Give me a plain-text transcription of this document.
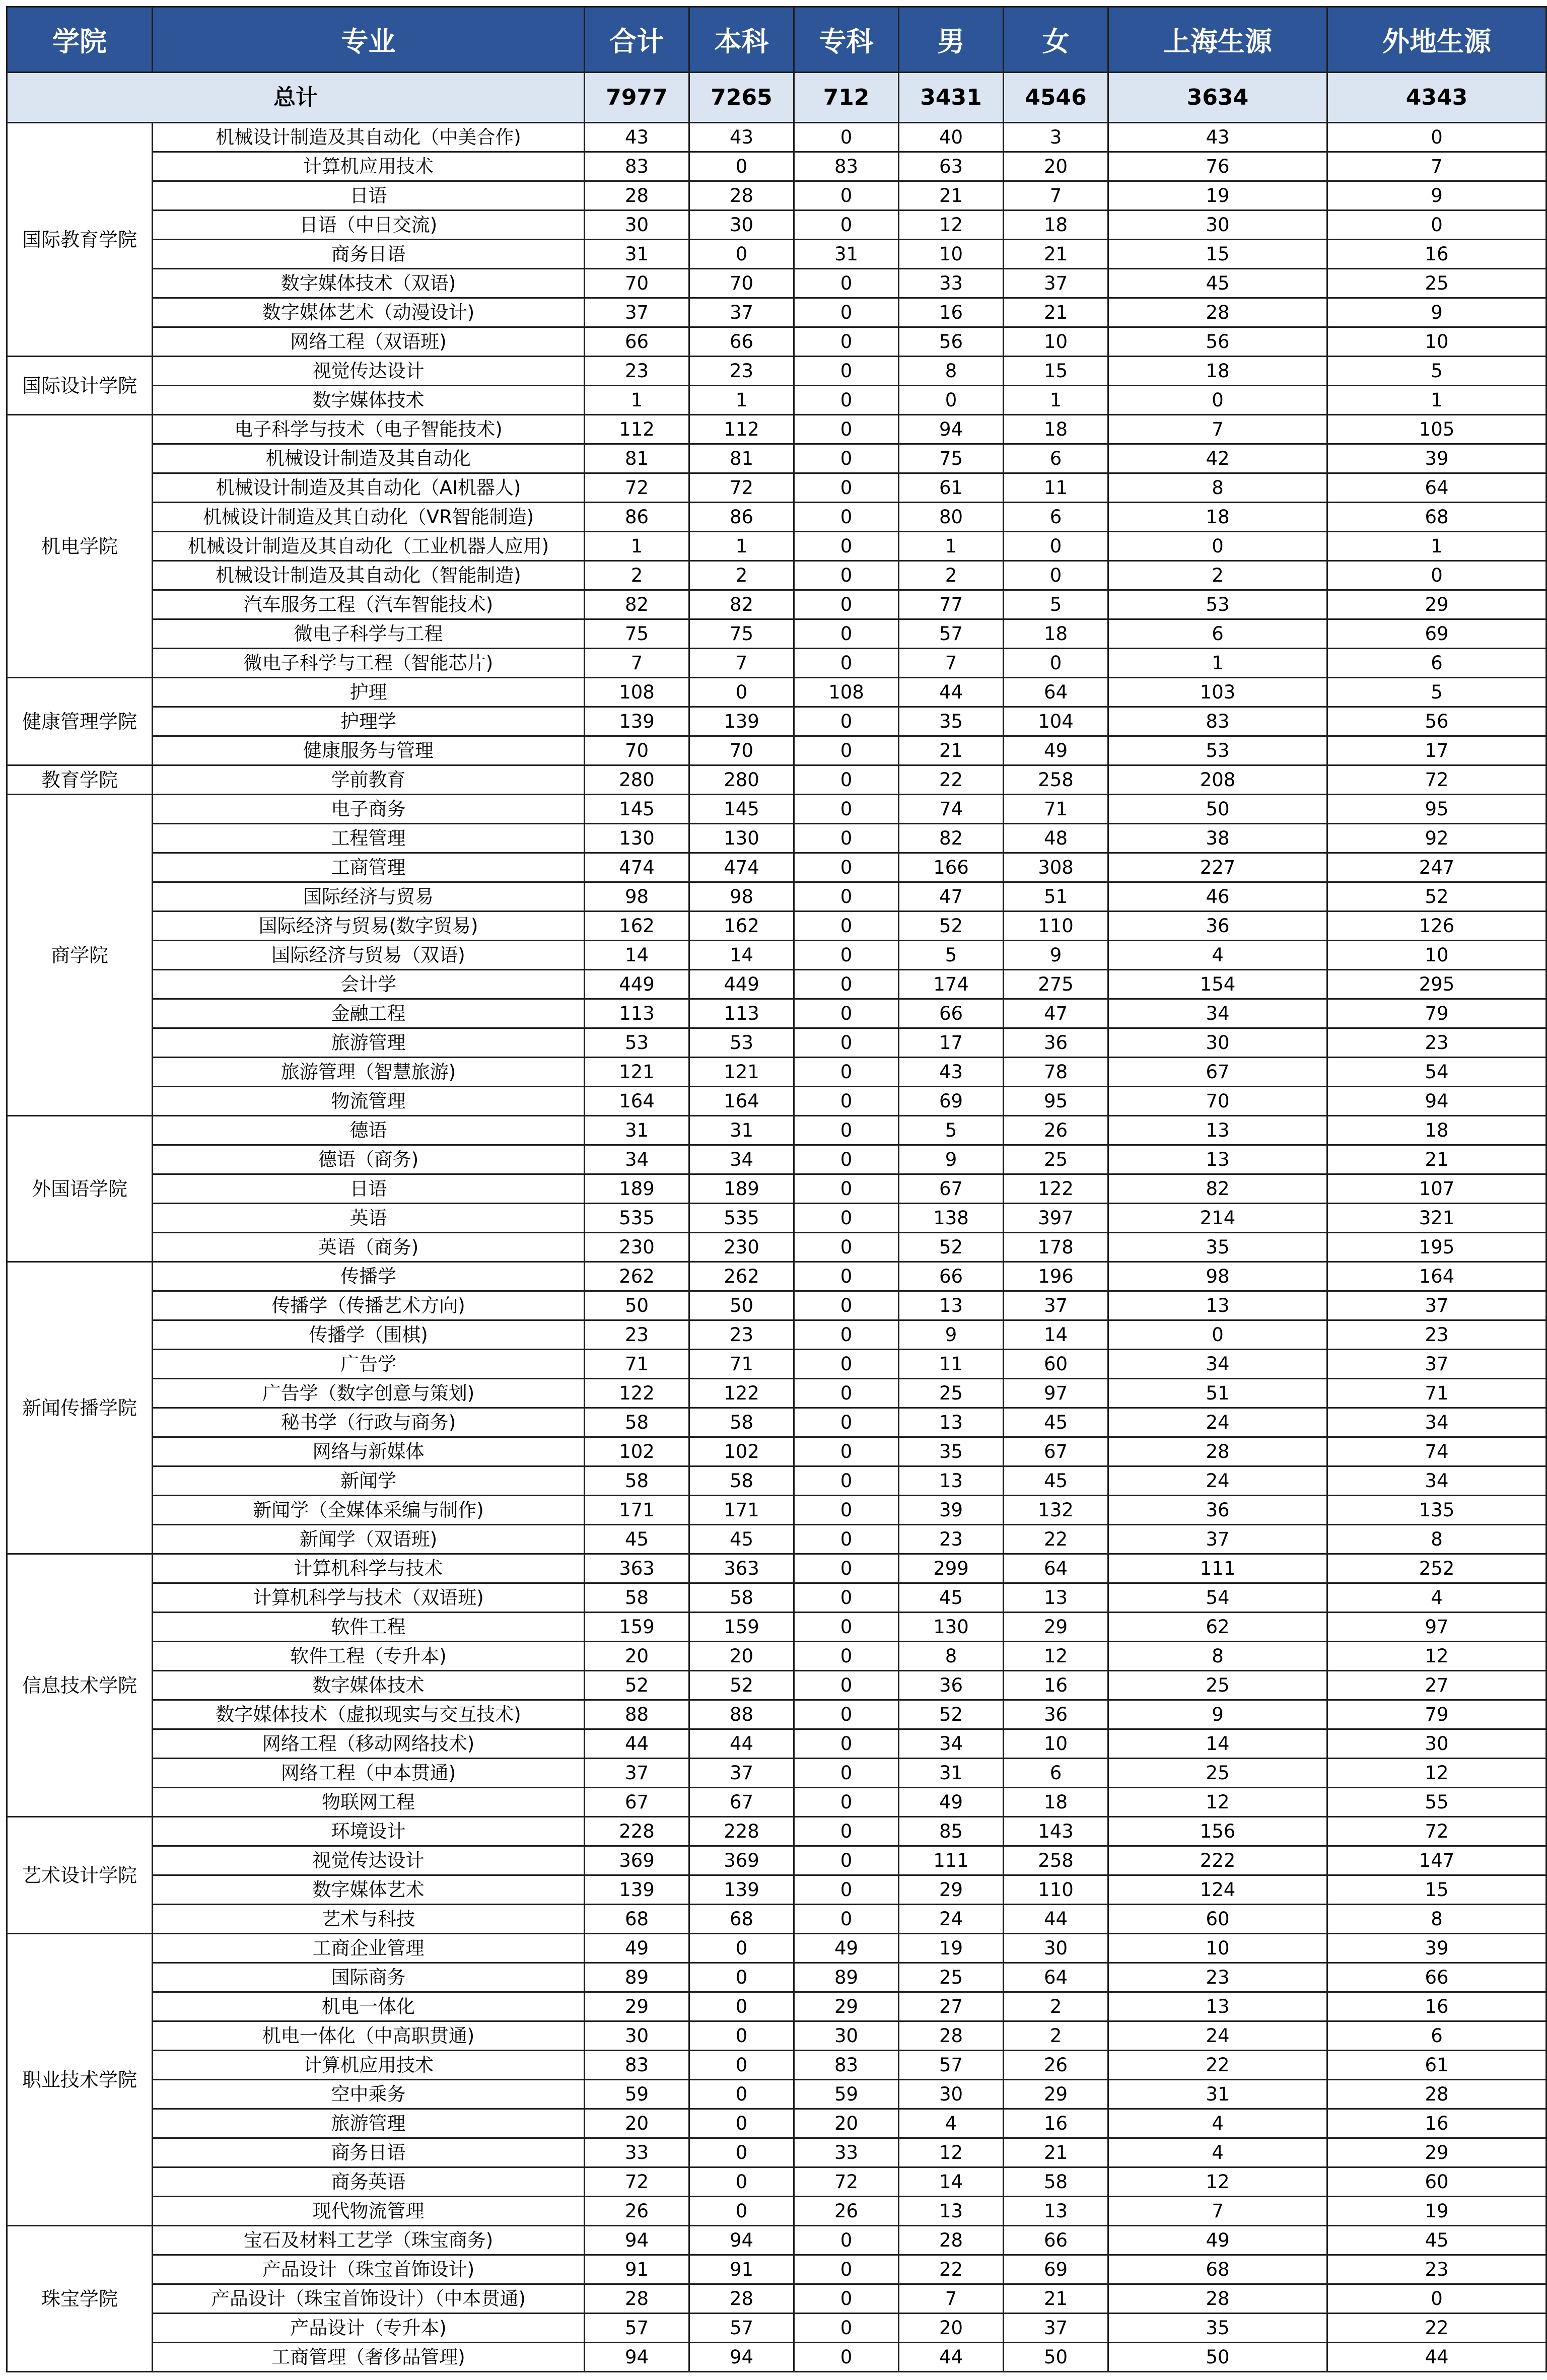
学院	专业	合计	本科	专科	男	女	上海生源	外地生源
总计		7977	7265	712	3431	4546	3634	4343
国际教育学院	机械设计制造及其自动化（中美合作)	43	43	0	40	3	43	0
	计算机应用技术	83	0	83	63	20	76	7
	日语	28	28	0	21	7	19	9
	日语（中日交流)	30	30	0	12	18	30	0
	商务日语	31	0	31	10	21	15	16
	数字媒体技术（双语)	70	70	0	33	37	45	25
	数字媒体艺术（动漫设计)	37	37	0	16	21	28	9
	网络工程（双语班)	66	66	0	56	10	56	10
国际设计学院	视觉传达设计	23	23	0	8	15	18	5
	数字媒体技术	1	1	0	0	1	0	1
机电学院	电子科学与技术（电子智能技术)	112	112	0	94	18	7	105
	机械设计制造及其自动化	81	81	0	75	6	42	39
	机械设计制造及其自动化（AI机器人)	72	72	0	61	11	8	64
	机械设计制造及其自动化（VR智能制造)	86	86	0	80	6	18	68
	机械设计制造及其自动化（工业机器人应用)	1	1	0	1	0	0	1
	机械设计制造及其自动化（智能制造)	2	2	0	2	0	2	0
	汽车服务工程（汽车智能技术)	82	82	0	77	5	53	29
	微电子科学与工程	75	75	0	57	18	6	69
	微电子科学与工程（智能芯片)	7	7	0	7	0	1	6
健康管理学院	护理	108	0	108	44	64	103	5
	护理学	139	139	0	35	104	83	56
	健康服务与管理	70	70	0	21	49	53	17
教育学院	学前教育	280	280	0	22	258	208	72
商学院	电子商务	145	145	0	74	71	50	95
	工程管理	130	130	0	82	48	38	92
	工商管理	474	474	0	166	308	227	247
	国际经济与贸易	98	98	0	47	51	46	52
	国际经济与贸易(数字贸易)	162	162	0	52	110	36	126
	国际经济与贸易（双语)	14	14	0	5	9	4	10
	会计学	449	449	0	174	275	154	295
	金融工程	113	113	0	66	47	34	79
	旅游管理	53	53	0	17	36	30	23
	旅游管理（智慧旅游)	121	121	0	43	78	67	54
	物流管理	164	164	0	69	95	70	94
外国语学院	德语	31	31	0	5	26	13	18
	德语（商务)	34	34	0	9	25	13	21
	日语	189	189	0	67	122	82	107
	英语	535	535	0	138	397	214	321
	英语（商务)	230	230	0	52	178	35	195
新闻传播学院	传播学	262	262	0	66	196	98	164
	传播学（传播艺术方向)	50	50	0	13	37	13	37
	传播学（围棋)	23	23	0	9	14	0	23
	广告学	71	71	0	11	60	34	37
	广告学（数字创意与策划)	122	122	0	25	97	51	71
	秘书学（行政与商务)	58	58	0	13	45	24	34
	网络与新媒体	102	102	0	35	67	28	74
	新闻学	58	58	0	13	45	24	34
	新闻学（全媒体采编与制作)	171	171	0	39	132	36	135
	新闻学（双语班)	45	45	0	23	22	37	8
信息技术学院	计算机科学与技术	363	363	0	299	64	111	252
	计算机科学与技术（双语班)	58	58	0	45	13	54	4
	软件工程	159	159	0	130	29	62	97
	软件工程（专升本)	20	20	0	8	12	8	12
	数字媒体技术	52	52	0	36	16	25	27
	数字媒体技术（虚拟现实与交互技术)	88	88	0	52	36	9	79
	网络工程（移动网络技术)	44	44	0	34	10	14	30
	网络工程（中本贯通)	37	37	0	31	6	25	12
	物联网工程	67	67	0	49	18	12	55
艺术设计学院	环境设计	228	228	0	85	143	156	72
	视觉传达设计	369	369	0	111	258	222	147
	数字媒体艺术	139	139	0	29	110	124	15
	艺术与科技	68	68	0	24	44	60	8
职业技术学院	工商企业管理	49	0	49	19	30	10	39
	国际商务	89	0	89	25	64	23	66
	机电一体化	29	0	29	27	2	13	16
	机电一体化（中高职贯通)	30	0	30	28	2	24	6
	计算机应用技术	83	0	83	57	26	22	61
	空中乘务	59	0	59	30	29	31	28
	旅游管理	20	0	20	4	16	4	16
	商务日语	33	0	33	12	21	4	29
	商务英语	72	0	72	14	58	12	60
	现代物流管理	26	0	26	13	13	7	19
珠宝学院	宝石及材料工艺学（珠宝商务)	94	94	0	28	66	49	45
	产品设计（珠宝首饰设计)	91	91	0	22	69	68	23
	产品设计（珠宝首饰设计）（中本贯通)	28	28	0	7	21	28	0
	产品设计（专升本)	57	57	0	20	37	35	22
	工商管理（奢侈品管理)	94	94	0	44	50	50	44
